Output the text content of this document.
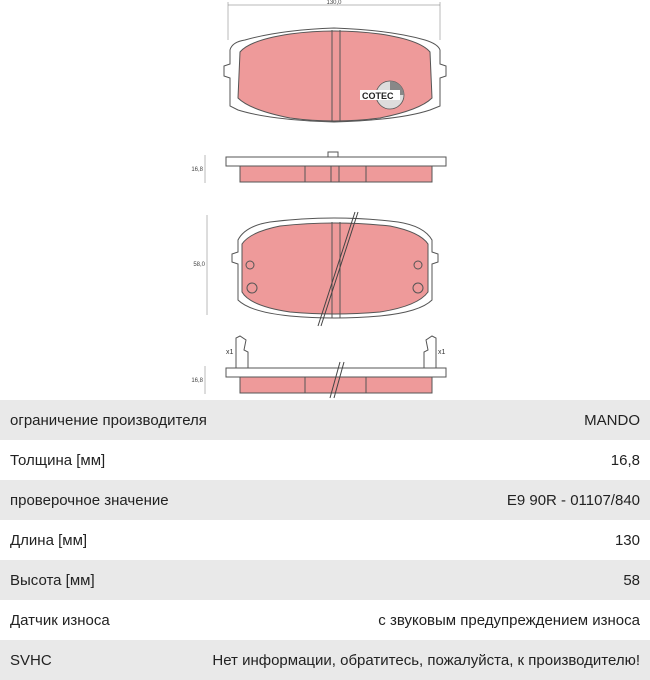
130,0
COTEC
16,8
58,0
x1	x1
16,8
ограничение производителя	MANDO
Толщина [мм]	16,8
проверочное значение	E9 90R - 01107/840
Длина [мм]	130
Высота [мм]	58
Датчик износа	с звуковым предупреждением износа
SVHC	Нет информации, обратитесь, пожалуйста, к производителю!
